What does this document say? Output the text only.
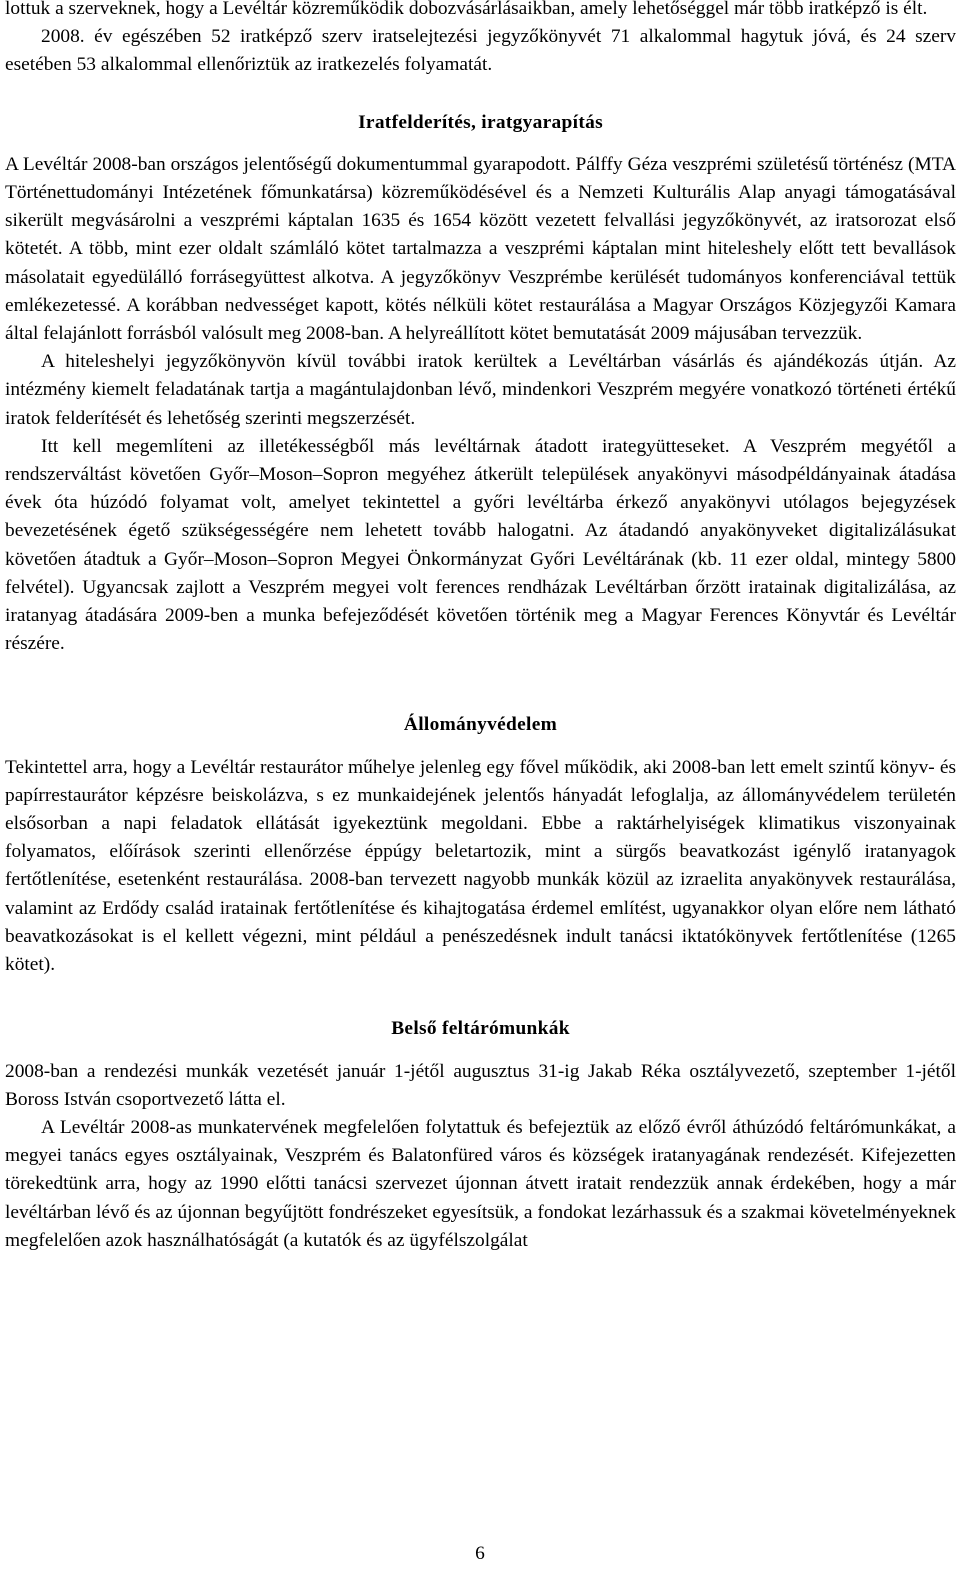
lottuk a szerveknek, hogy a Levéltár közreműködik dobozvásárlásaikban, amely lehetőséggel már több iratképző is élt.

2008. év egészében 52 iratképző szerv iratselejtezési jegyzőkönyvét 71 alkalommal hagytuk jóvá, és 24 szerv esetében 53 alkalommal ellenőriztük az iratkezelés folyamatát.

Iratfelderítés, iratgyarapítás

A Levéltár 2008-ban országos jelentőségű dokumentummal gyarapodott. Pálffy Géza veszprémi születésű történész (MTA Történettudományi Intézetének főmunkatársa) közreműködésével és a Nemzeti Kulturális Alap anyagi támogatásával sikerült megvásárolni a veszprémi káptalan 1635 és 1654 között vezetett felvallási jegyzőkönyvét, az iratsorozat első kötetét. A több, mint ezer oldalt számláló kötet tartalmazza a veszprémi káptalan mint hiteleshely előtt tett bevallások másolatait egyedülálló forrásegyüttest alkotva. A jegyzőkönyv Veszprémbe kerülését tudományos konferenciával tettük emlékezetessé. A korábban nedvességet kapott, kötés nélküli kötet restaurálása a Magyar Országos Közjegyzői Kamara által felajánlott forrásból valósult meg 2008-ban. A helyreállított kötet bemutatását 2009 májusában tervezzük.

A hiteleshelyi jegyzőkönyvön kívül további iratok kerültek a Levéltárban vásárlás és ajándékozás útján. Az intézmény kiemelt feladatának tartja a magántulajdonban lévő, mindenkori Veszprém megyére vonatkozó történeti értékű iratok felderítését és lehetőség szerinti megszerzését.

Itt kell megemlíteni az illetékességből más levéltárnak átadott irategyütteseket. A Veszprém megyétől a rendszerváltást követően Győr–Moson–Sopron megyéhez átkerült települések anyakönyvi másodpéldányainak átadása évek óta húzódó folyamat volt, amelyet tekintettel a győri levéltárba érkező anyakönyvi utólagos bejegyzések bevezetésének égető szükségességére nem lehetett tovább halogatni. Az átadandó anyakönyveket digitalizálásukat követően átadtuk a Győr–Moson–Sopron Megyei Önkormányzat Győri Levéltárának (kb. 11 ezer oldal, mintegy 5800 felvétel). Ugyancsak zajlott a Veszprém megyei volt ferences rendházak Levéltárban őrzött iratainak digitalizálása, az iratanyag átadására 2009-ben a munka befejeződését követően történik meg a Magyar Ferences Könyvtár és Levéltár részére.

Állományvédelem

Tekintettel arra, hogy a Levéltár restaurátor műhelye jelenleg egy fővel működik, aki 2008-ban lett emelt szintű könyv- és papírrestaurátor képzésre beiskolázva, s ez munkaidejének jelentős hányadát lefoglalja, az állományvédelem területén elsősorban a napi feladatok ellátását igyekeztünk megoldani. Ebbe a raktárhelyiségek klimatikus viszonyainak folyamatos, előírások szerinti ellenőrzése éppúgy beletartozik, mint a sürgős beavatkozást igénylő iratanyagok fertőtlenítése, esetenként restaurálása. 2008-ban tervezett nagyobb munkák közül az izraelita anyakönyvek restaurálása, valamint az Erdődy család iratainak fertőtlenítése és kihajtogatása érdemel említést, ugyanakkor olyan előre nem látható beavatkozásokat is el kellett végezni, mint például a penészedésnek indult tanácsi iktatókönyvek fertőtlenítése (1265 kötet).

Belső feltárómunkák

2008-ban a rendezési munkák vezetését január 1-jétől augusztus 31-ig Jakab Réka osztályvezető, szeptember 1-jétől Boross István csoportvezető látta el.

A Levéltár 2008-as munkatervének megfelelően folytattuk és befejeztük az előző évről áthúzódó feltárómunkákat, a megyei tanács egyes osztályainak, Veszprém és Balatonfüred város és községek iratanyagának rendezését. Kifejezetten törekedtünk arra, hogy az 1990 előtti tanácsi szervezet újonnan átvett iratait rendezzük annak érdekében, hogy a már levéltárban lévő és az újonnan begyűjtött fondrészeket egyesítsük, a fondokat lezárhassuk és a szakmai követelményeknek megfelelően azok használhatóságát (a kutatók és az ügyfélszolgálat

6
